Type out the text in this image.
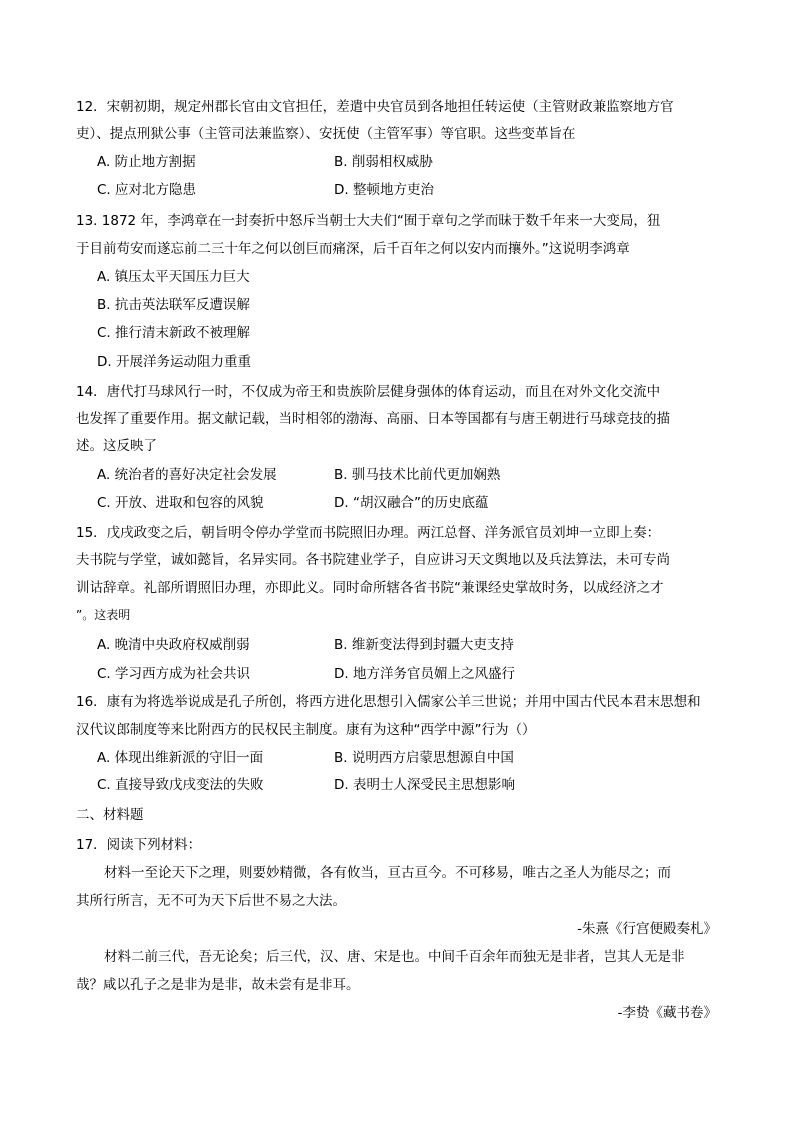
12．宋朝初期，规定州郡长官由文官担任，差遣中央官员到各地担任转运使（主管财政兼监察地方官
吏）、提点刑狱公事（主管司法兼监察）、安抚使（主管军事）等官职。这些变革旨在
A. 防止地方割据	B. 削弱相权威胁
C. 应对北方隐患	D. 整顿地方吏治
13. 1872 年，李鸿章在一封奏折中怒斥当朝士大夫们“囿于章句之学而昧于数千年来一大变局，狃
于目前苟安而遂忘前二三十年之何以创巨而痛深，后千百年之何以安内而攘外。”这说明李鸿章
A. 镇压太平天国压力巨大
B. 抗击英法联军反遭误解
C. 推行清末新政不被理解
D. 开展洋务运动阻力重重
14．唐代打马球风行一时，不仅成为帝王和贵族阶层健身强体的体育运动，而且在对外文化交流中
也发挥了重要作用。据文献记载，当时相邻的渤海、高丽、日本等国都有与唐王朝进行马球竞技的描
述。这反映了
A. 统治者的喜好决定社会发展	B. 驯马技术比前代更加娴熟
C. 开放、进取和包容的风貌	D. “胡汉融合”的历史底蕴
15．戊戌政变之后，朝旨明令停办学堂而书院照旧办理。两江总督、洋务派官员刘坤一立即上奏：
夫书院与学堂，诚如懿旨，名异实同。各书院建业学子，自应讲习天文舆地以及兵法算法，未可专尚
训诂辞章。礼部所谓照旧办理，亦即此义。同时命所辖各省书院“兼课经史掌故时务，以成经济之才
”。这表明
A. 晚清中央政府权威削弱	B. 维新变法得到封疆大吏支持
C. 学习西方成为社会共识	D. 地方洋务官员媚上之风盛行
16．康有为将选举说成是孔子所创，将西方进化思想引入儒家公羊三世说；并用中国古代民本君末思想和
汉代议郎制度等来比附西方的民权民主制度。康有为这种“西学中源”行为（）
A. 体现出维新派的守旧一面	B. 说明西方启蒙思想源自中国
C. 直接导致戊戌变法的失败	D. 表明士人深受民主思想影响
二、材料题
17．阅读下列材料：
材料一至论天下之理，则要妙精微，各有攸当，亘古亘今。不可移易，唯古之圣人为能尽之；而
其所行所言，无不可为天下后世不易之大法。
-朱熹《行宫便殿奏札》
材料二前三代，吾无论矣；后三代，汉、唐、宋是也。中间千百余年而独无是非者，岂其人无是非
哉？咸以孔子之是非为是非，故未尝有是非耳。
-李贽《藏书卷》
